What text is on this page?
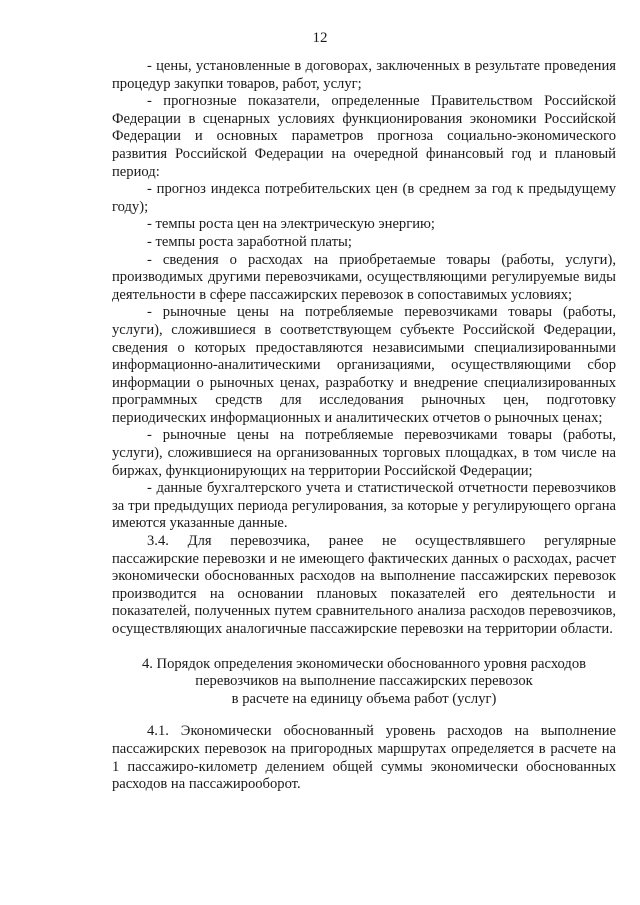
12

- цены, установленные в договорах, заключенных в результате проведения процедур закупки товаров, работ, услуг;

- прогнозные показатели, определенные Правительством Российской Федерации в сценарных условиях функционирования экономики Российской Федерации и основных параметров прогноза социально-экономического развития Российской Федерации на очередной финансовый год и плановый период:

- прогноз индекса потребительских цен (в среднем за год к предыдущему году);

- темпы роста цен на электрическую энергию;

- темпы роста заработной платы;

- сведения о расходах на приобретаемые товары (работы, услуги), производимых другими перевозчиками, осуществляющими регулируемые виды деятельности в сфере пассажирских перевозок в сопоставимых условиях;

- рыночные цены на потребляемые перевозчиками товары (работы, услуги), сложившиеся в соответствующем субъекте Российской Федерации, сведения о которых предоставляются независимыми специализированными информационно-аналитическими организациями, осуществляющими сбор информации о рыночных ценах, разработку и внедрение специализированных программных средств для исследования рыночных цен, подготовку периодических информационных и аналитических отчетов о рыночных ценах;

- рыночные цены на потребляемые перевозчиками товары (работы, услуги), сложившиеся на организованных торговых площадках, в том числе на биржах, функционирующих на территории Российской Федерации;

- данные бухгалтерского учета и статистической отчетности перевозчиков за три предыдущих периода регулирования, за которые у регулирующего органа имеются указанные данные.

3.4. Для перевозчика, ранее не осуществлявшего регулярные пассажирские перевозки и не имеющего фактических данных о расходах, расчет экономически обоснованных расходов на выполнение пассажирских перевозок производится на основании плановых показателей его деятельности и показателей, полученных путем сравнительного анализа расходов перевозчиков, осуществляющих аналогичные пассажирские перевозки на территории области.

4. Порядок определения экономически обоснованного уровня расходов
перевозчиков на выполнение пассажирских перевозок
в расчете на единицу объема работ (услуг)

4.1. Экономически обоснованный уровень расходов на выполнение пассажирских перевозок на пригородных маршрутах определяется в расчете на 1 пассажиро-километр делением общей суммы экономически обоснованных расходов на пассажирооборот.
